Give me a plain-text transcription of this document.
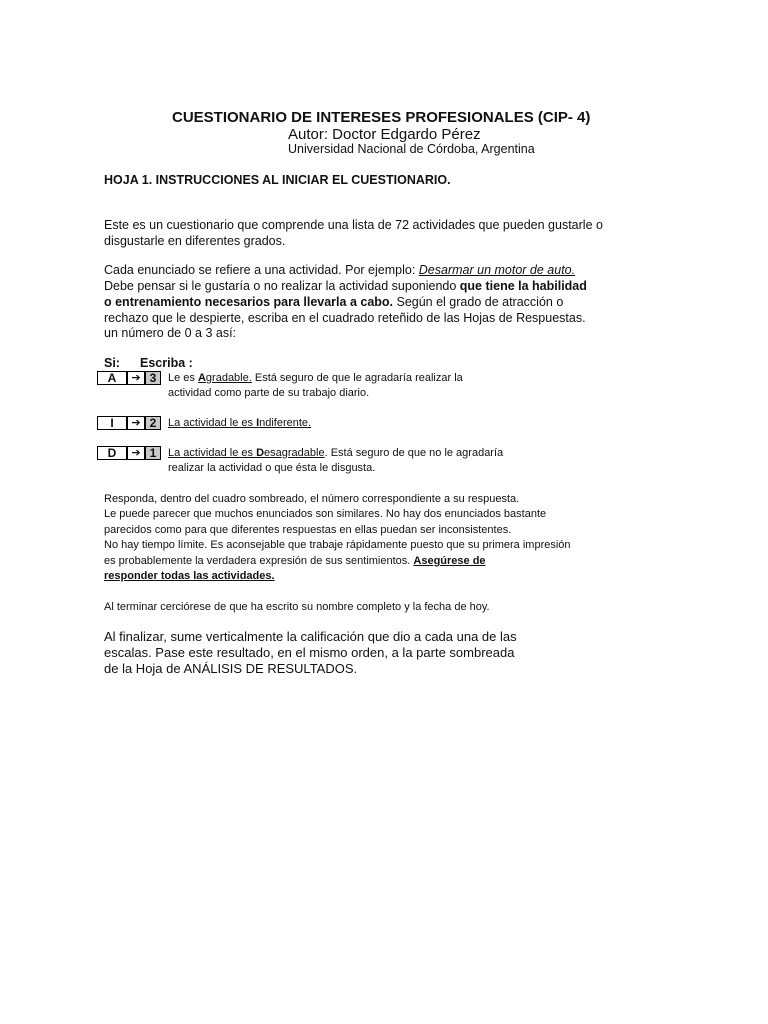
CUESTIONARIO DE INTERESES PROFESIONALES (CIP- 4)
Autor: Doctor Edgardo Pérez
Universidad Nacional de Córdoba, Argentina
HOJA 1. INSTRUCCIONES AL INICIAR EL CUESTIONARIO.
Este es un cuestionario que comprende una lista de 72 actividades que pueden gustarle o
disgustarle en diferentes grados.
Cada enunciado se refiere a una actividad. Por ejemplo: Desarmar un motor de auto.
Debe pensar si le gustaría o no realizar la actividad suponiendo que tiene la habilidad
o entrenamiento necesarios para llevarla a cabo. Según el grado de atracción o
rechazo que le despierte, escriba en el cuadrado reteñido de las Hojas de Respuestas.
un número de 0 a 3 así:
Si: Escriba :
A	➔ 3	Le es Agradable. Está seguro de que le agradaría realizar la
actividad como parte de su trabajo diario.
I	➔ 2	La actividad le es Indiferente.
D	➔ 1	La actividad le es Desagradable. Está seguro de que no le agradaría
realizar la actividad o que ésta le disgusta.
Responda, dentro del cuadro sombreado, el número correspondiente a su respuesta.
Le puede parecer que muchos enunciados son similares. No hay dos enunciados bastante
parecidos como para que diferentes respuestas en ellas puedan ser inconsistentes.
No hay tiempo límite. Es aconsejable que trabaje rápidamente puesto que su primera impresión
es probablemente la verdadera expresión de sus sentimientos. Asegúrese de
responder todas las actividades.
Al terminar cerciórese de que ha escrito su nombre completo y la fecha de hoy.
Al finalizar, sume verticalmente la calificación que dio a cada una de las
escalas. Pase este resultado, en el mismo orden, a la parte sombreada
de la Hoja de ANÁLISIS DE RESULTADOS.
